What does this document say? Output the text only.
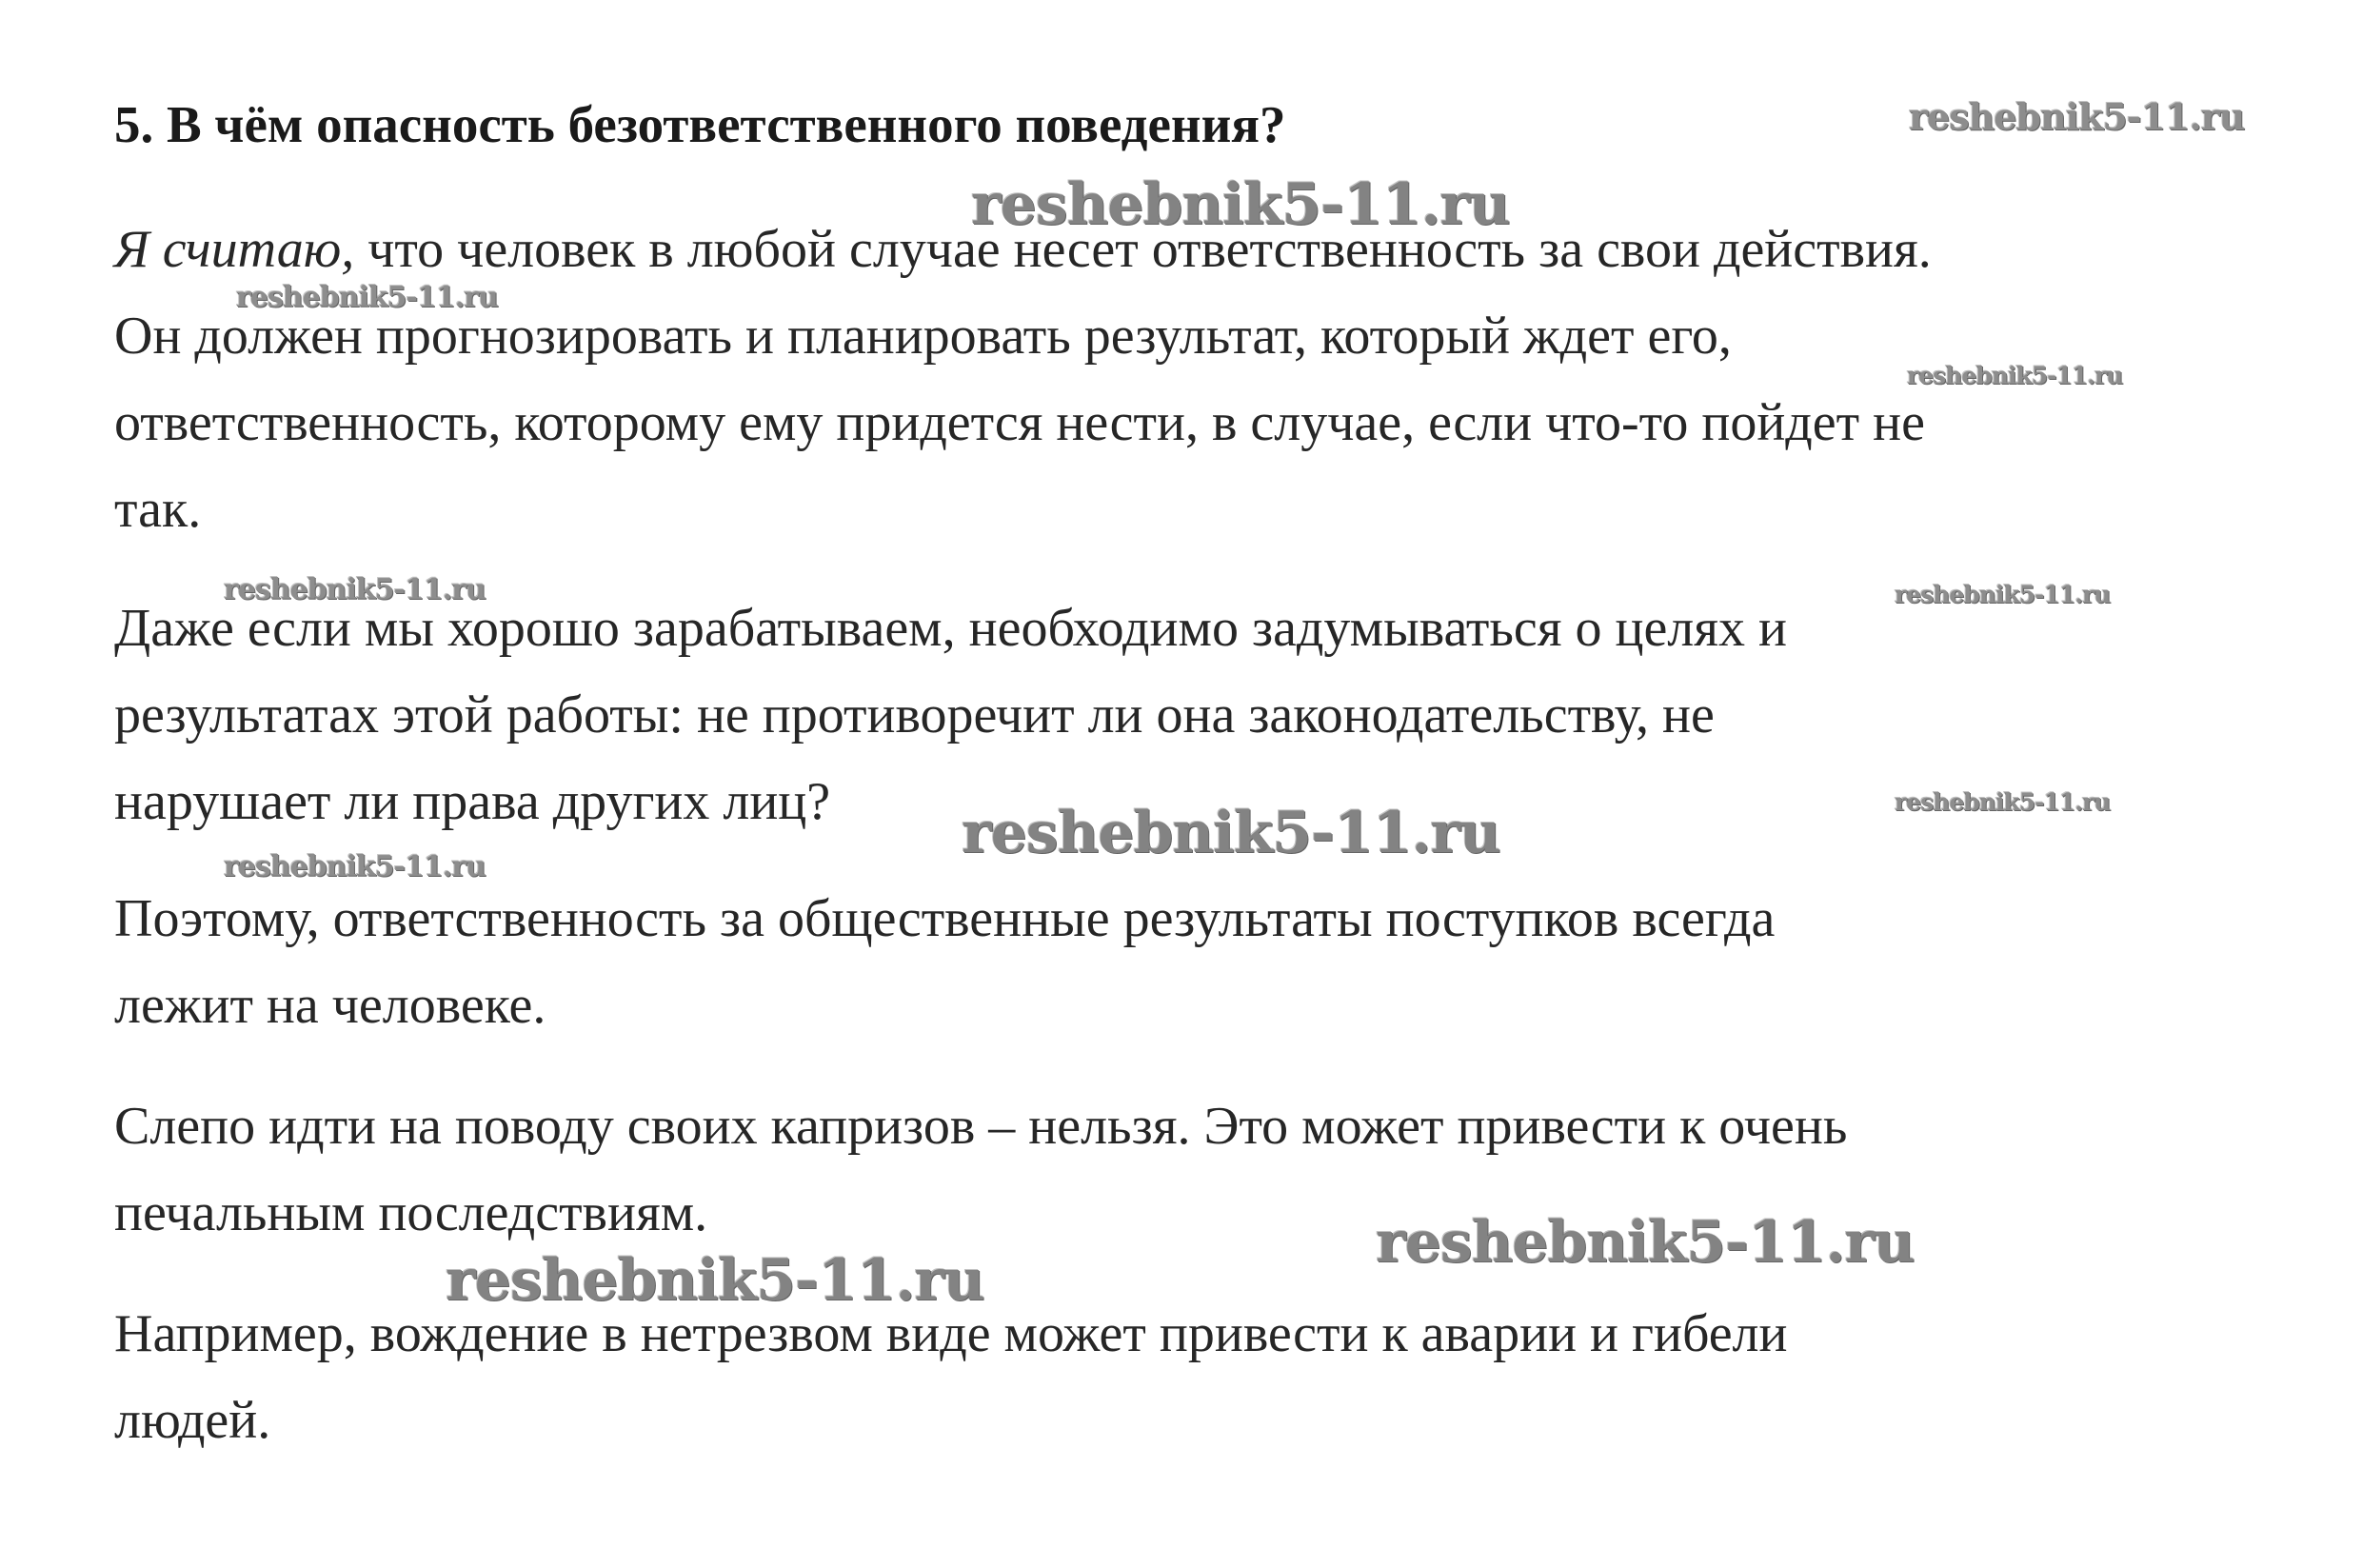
5. В чём опасность безответственного поведения?

Я считаю, что человек в любой случае несет ответственность за свои действия.
Он должен прогнозировать и планировать результат, который ждет его,
ответственность, которому ему придется нести, в случае, если что-то пойдет не
так.

Даже если мы хорошо зарабатываем, необходимо задумываться о целях и
результатах этой работы: не противоречит ли она законодательству, не
нарушает ли права других лиц?

Поэтому, ответственность за общественные результаты поступков всегда
лежит на человеке.

Слепо идти на поводу своих капризов – нельзя. Это может привести к очень
печальным последствиям.

Например, вождение в нетрезвом виде может привести к аварии и гибели
людей.

reshebnik5-11.ru
reshebnik5-11.ru
reshebnik5-11.ru
reshebnik5-11.ru
reshebnik5-11.ru	reshebnik5-11.ru
reshebnik5-11.ru	reshebnik5-11.ru
reshebnik5-11.ru
reshebnik5-11.ru
reshebnik5-11.ru
